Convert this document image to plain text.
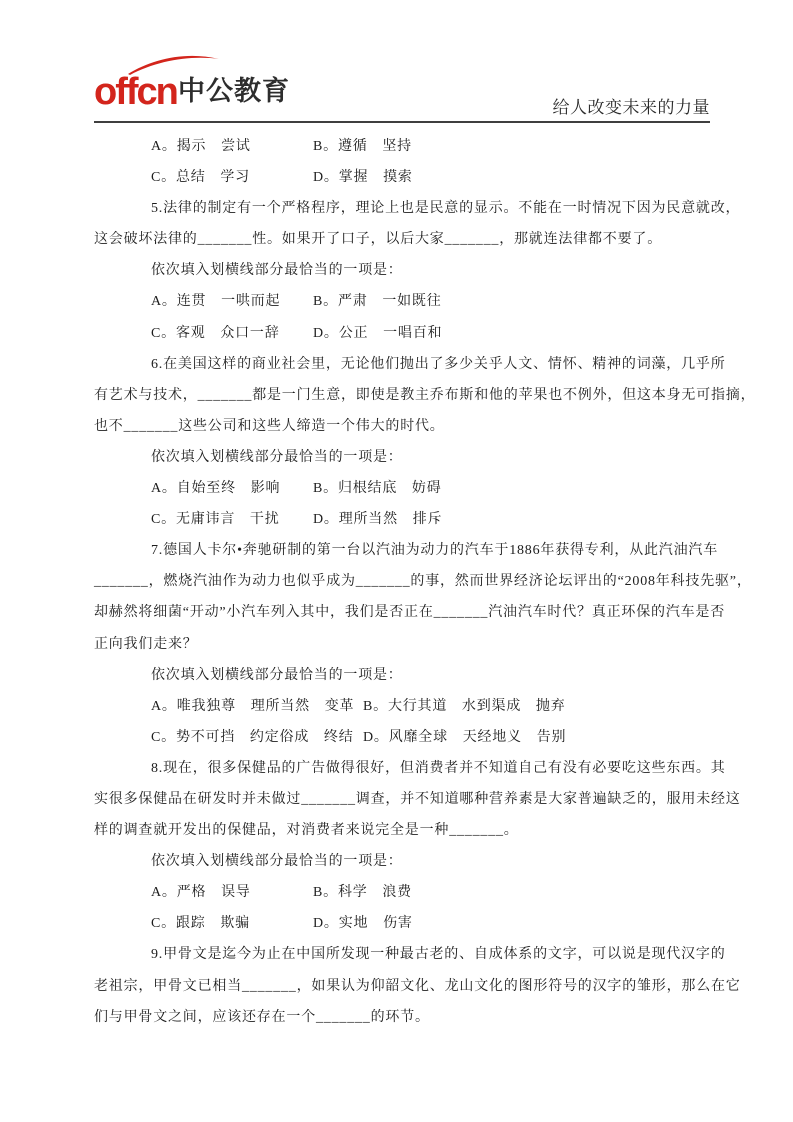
offcn 中公教育
给人改变未来的力量
A。揭示　尝试	B。遵循　坚持
C。总结　学习	D。掌握　摸索
5.法律的制定有一个严格程序，理论上也是民意的显示。不能在一时情况下因为民意就改，
这会破坏法律的_______性。如果开了口子，以后大家_______，那就连法律都不要了。
依次填入划横线部分最恰当的一项是：
A。连贯　一哄而起	B。严肃　一如既往
C。客观　众口一辞	D。公正　一唱百和
6.在美国这样的商业社会里，无论他们抛出了多少关乎人文、情怀、精神的词藻，几乎所
有艺术与技术，_______都是一门生意，即使是教主乔布斯和他的苹果也不例外，但这本身无可指摘，
也不_______这些公司和这些人缔造一个伟大的时代。
依次填入划横线部分最恰当的一项是：
A。自始至终　影响	B。归根结底　妨碍
C。无庸讳言　干扰	D。理所当然　排斥
7.德国人卡尔•奔驰研制的第一台以汽油为动力的汽车于1886年获得专利，从此汽油汽车
_______，燃烧汽油作为动力也似乎成为_______的事，然而世界经济论坛评出的“2008年科技先驱”，
却赫然将细菌“开动”小汽车列入其中，我们是否正在_______汽油汽车时代？真正环保的汽车是否
正向我们走来？
依次填入划横线部分最恰当的一项是：
A。唯我独尊　理所当然　变革 B。大行其道　水到渠成　抛弃
C。势不可挡　约定俗成　终结 D。风靡全球　天经地义　告别
8.现在，很多保健品的广告做得很好，但消费者并不知道自己有没有必要吃这些东西。其
实很多保健品在研发时并未做过_______调查，并不知道哪种营养素是大家普遍缺乏的，服用未经这
样的调查就开发出的保健品，对消费者来说完全是一种_______。
依次填入划横线部分最恰当的一项是：
A。严格　误导	B。科学　浪费
C。跟踪　欺骗	D。实地　伤害
9.甲骨文是迄今为止在中国所发现一种最古老的、自成体系的文字，可以说是现代汉字的
老祖宗，甲骨文已相当_______，如果认为仰韶文化、龙山文化的图形符号的汉字的雏形，那么在它
们与甲骨文之间，应该还存在一个_______的环节。
